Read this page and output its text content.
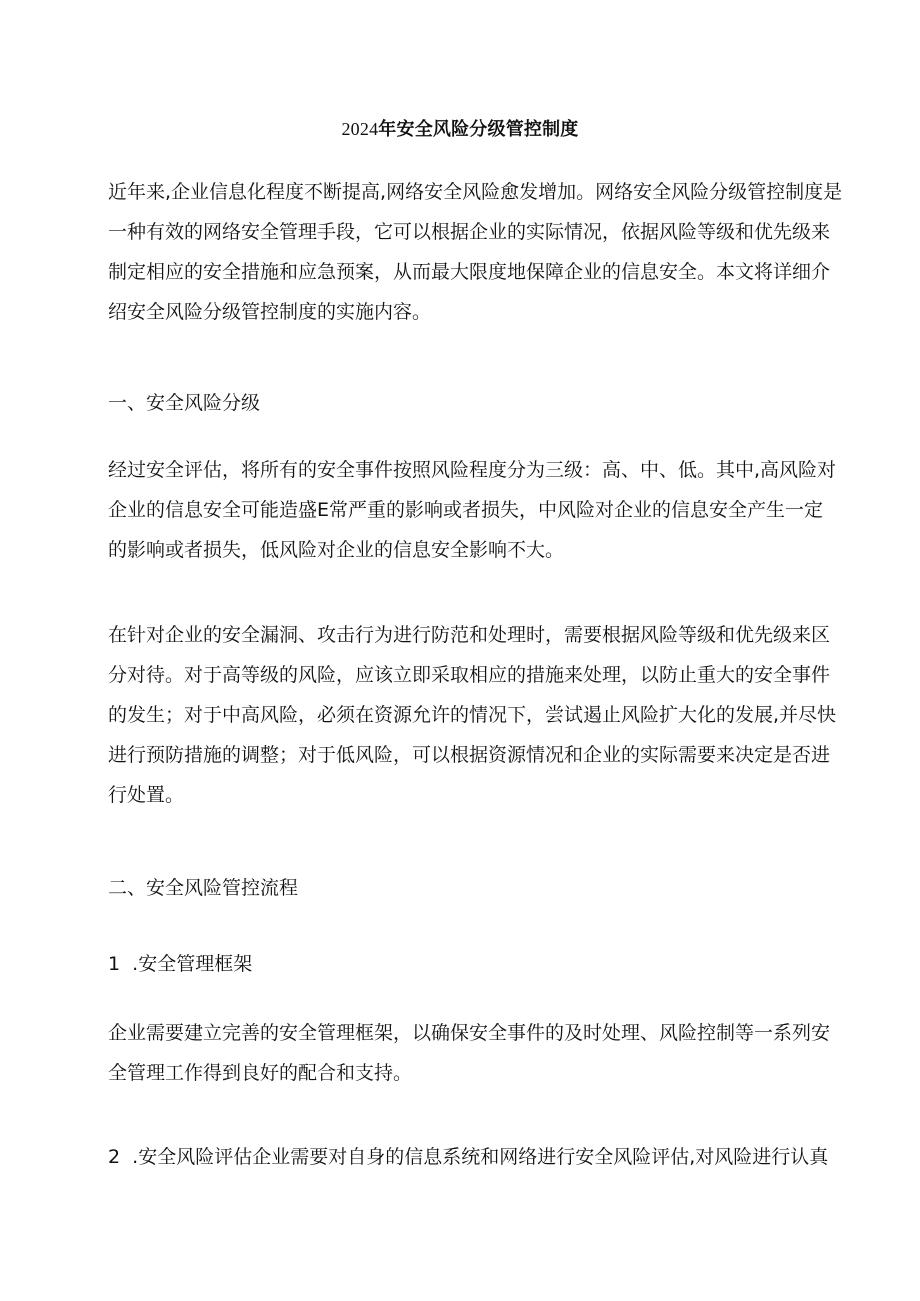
2024年安全风险分级管控制度
近年来,企业信息化程度不断提高,网络安全风险愈发增加。网络安全风险分级管控制度是
一种有效的网络安全管理手段，它可以根据企业的实际情况，依据风险等级和优先级来
制定相应的安全措施和应急预案，从而最大限度地保障企业的信息安全。本文将详细介
绍安全风险分级管控制度的实施内容。
一、安全风险分级
经过安全评估，将所有的安全事件按照风险程度分为三级：高、中、低。其中,高风险对
企业的信息安全可能造盛E常严重的影响或者损失，中风险对企业的信息安全产生一定
的影响或者损失，低风险对企业的信息安全影响不大。
在针对企业的安全漏洞、攻击行为进行防范和处理时，需要根据风险等级和优先级来区
分对待。对于高等级的风险，应该立即采取相应的措施来处理，以防止重大的安全事件
的发生；对于中高风险，必须在资源允许的情况下，尝试遏止风险扩大化的发展,并尽快
进行预防措施的调整；对于低风险，可以根据资源情况和企业的实际需要来决定是否进
行处置。
二、安全风险管控流程
1  .安全管理框架
企业需要建立完善的安全管理框架，以确保安全事件的及时处理、风险控制等一系列安
全管理工作得到良好的配合和支持。
2  .安全风险评估企业需要对自身的信息系统和网络进行安全风险评估,对风险进行认真
